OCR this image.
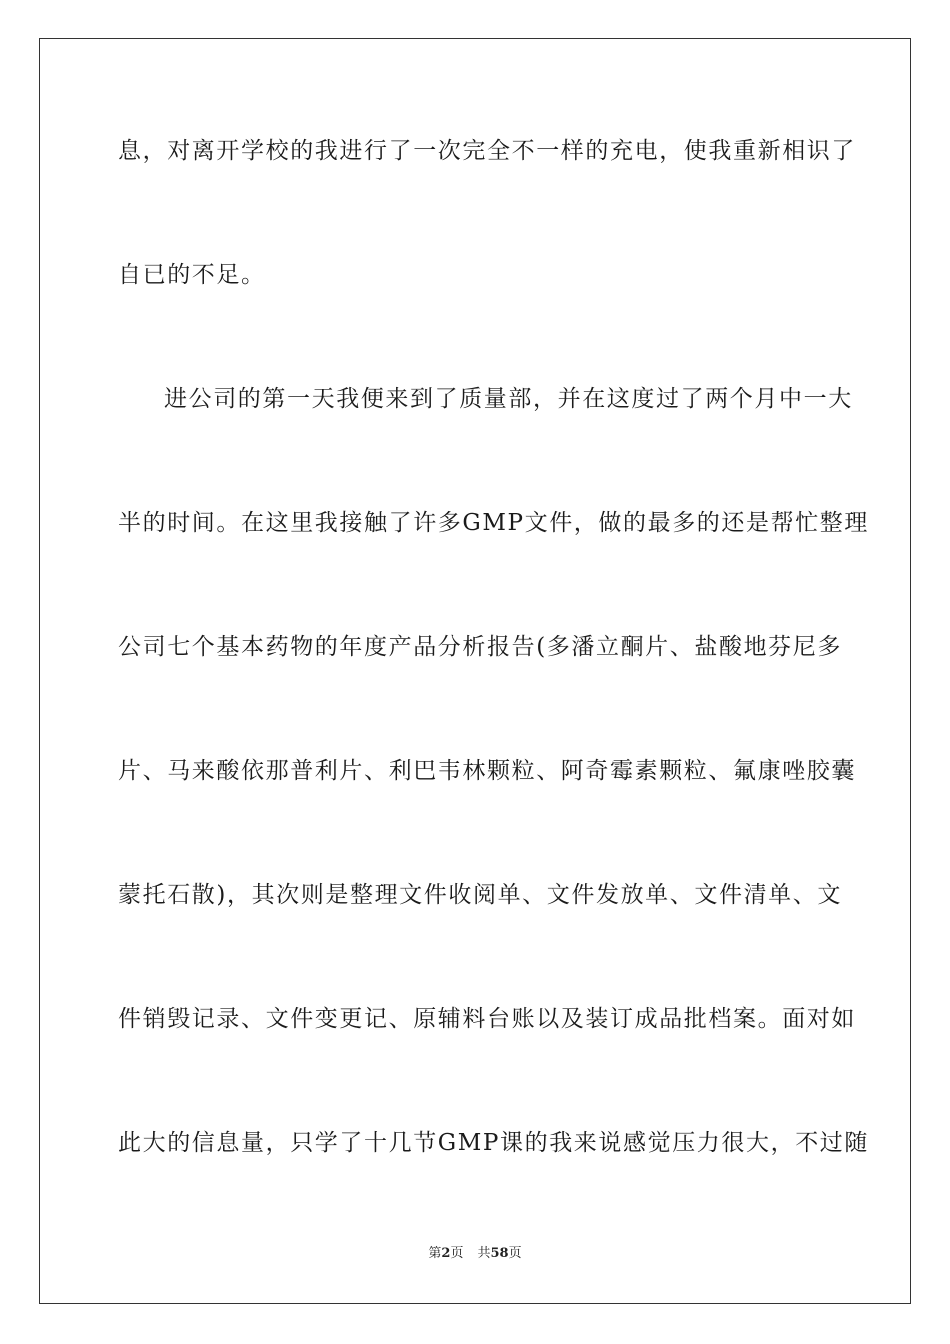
息，对离开学校的我进行了一次完全不一样的充电，使我重新相识了
自已的不足。
进公司的第一天我便来到了质量部，并在这度过了两个月中一大
半的时间。在这里我接触了许多GMP文件，做的最多的还是帮忙整理
公司七个基本药物的年度产品分析报告(多潘立酮片、盐酸地芬尼多
片、马来酸依那普利片、利巴韦林颗粒、阿奇霉素颗粒、氟康唑胶囊
蒙托石散)，其次则是整理文件收阅单、文件发放单、文件清单、文
件销毁记录、文件变更记、原辅料台账以及装订成品批档案。面对如
此大的信息量，只学了十几节GMP课的我来说感觉压力很大，不过随
第2页 共58页
